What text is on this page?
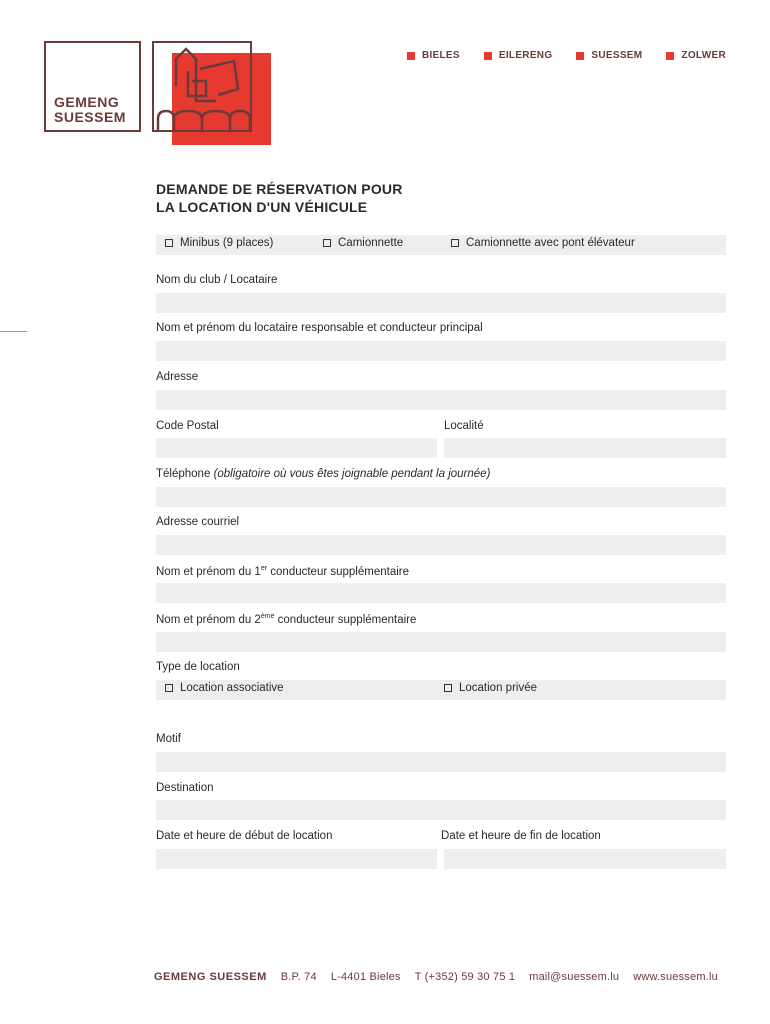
GEMENG
SUESSEM
BIELES	EILERENG	SUESSEM	ZOLWER
DEMANDE DE RÉSERVATION POUR
LA LOCATION D'UN VÉHICULE
Minibus (9 places)	Camionnette	Camionnette avec pont élévateur
Nom du club / Locataire
Nom et prénom du locataire responsable et conducteur principal
Adresse
Code Postal	Localité
Téléphone (obligatoire où vous êtes joignable pendant la journée)
Adresse courriel
Nom et prénom du 1er conducteur supplémentaire
Nom et prénom du 2ème conducteur supplémentaire
Type de location
Location associative	Location privée
Motif
Destination
Date et heure de début de location	Date et heure de fin de location
GEMENG SUESSEM B.P. 74 L-4401 Bieles T (+352) 59 30 75 1 mail@suessem.lu www.suessem.lu
